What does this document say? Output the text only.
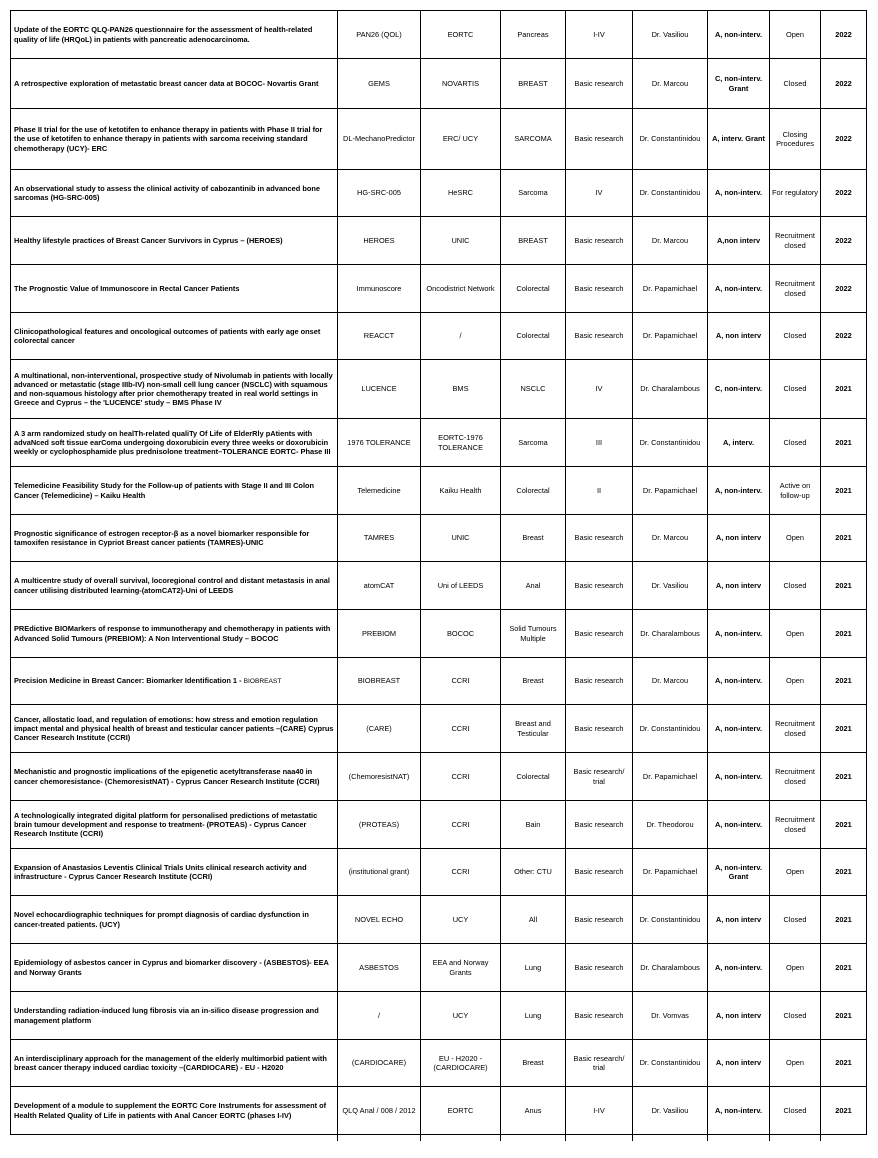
Update of the EORTC QLQ-PAN26 questionnaire for the assessment of health-related quality of life (HRQoL) in patients with pancreatic adenocarcinoma.	PAN26 (QOL)	EORTC	Pancreas	I-IV	Dr. Vasiliou	A, non-interv.	Open	2022
A retrospective exploration of metastatic breast cancer data at BOCOC- Novartis Grant	GEMS	NOVARTIS	BREAST	Basic research	Dr. Marcou	C, non-interv. Grant	Closed	2022
Phase II trial for the use of ketotifen to enhance therapy in patients with Phase II trial for the use of ketotifen to enhance therapy in patients with sarcoma receiving standard chemotherapy (UCY)- ERC	DL-MechanoPredictor	ERC/ UCY	SARCOMA	Basic research	Dr. Constantinidou	A, interv. Grant	Closing Procedures	2022
An observational study to assess the clinical activity of cabozantinib in advanced bone sarcomas (HG-SRC-005)	HG-SRC-005	HeSRC	Sarcoma	IV	Dr. Constantinidou	A, non-interv.	For regulatory	2022
Healthy lifestyle practices of Breast Cancer Survivors in Cyprus – (HEROES)	HEROES	UNIC	BREAST	Basic research	Dr. Marcou	A,non interv	Recruitment closed	2022
The Prognostic Value of Immunoscore in Rectal Cancer Patients	Immunoscore	Oncodistrict Network	Colorectal	Basic research	Dr. Papamichael	A, non-interv.	Recruitment closed	2022
Clinicopathological features and oncological outcomes of patients with early age onset colorectal cancer	REACCT	/	Colorectal	Basic research	Dr. Papamichael	A, non interv	Closed	2022
A multinational, non-interventional, prospective study of Nivolumab in patients with locally advanced or metastatic (stage IIIb-IV) non-small cell lung cancer (NSCLC) with squamous and non-squamous histology after prior chemotherapy treated in real world settings in Greece and Cyprus – the 'LUCENCE' study – BMS Phase IV	LUCENCE	BMS	NSCLC	IV	Dr. Charalambous	C, non-interv.	Closed	2021
A 3 arm randomized study on healTh-related qualiTy Of Life of ElderRly pAtients with advaNced soft tissue earComa undergoing doxorubicin every three weeks or doxorubicin weekly or cyclophosphamide plus prednisolone treatment–TOLERANCE EORTC- Phase III	1976 TOLERANCE	EORTC-1976 TOLERANCE	Sarcoma	III	Dr. Constantinidou	A, interv.	Closed	2021
Telemedicine Feasibility Study for the Follow-up of patients with Stage II and III Colon Cancer (Telemedicine) – Kaiku Health	Telemedicine	Kaiku Health	Colorectal	II	Dr. Papamichael	A, non-interv.	Active on follow-up	2021
Prognostic significance of estrogen receptor-β as a novel biomarker responsible for tamoxifen resistance in Cypriot Breast cancer patients (TAMRES)-UNIC	TAMRES	UNIC	Breast	Basic research	Dr. Marcou	A, non interv	Open	2021
A multicentre study of overall survival, locoregional control and distant metastasis in anal cancer utilising distributed learning-(atomCAT2)-Uni of LEEDS	atomCAT	Uni of LEEDS	Anal	Basic research	Dr. Vasiliou	A, non interv	Closed	2021
PREdictive BIOMarkers of response to immunotherapy and chemotherapy in patients with Advanced Solid Tumours (PREBIOM): A Non Interventional Study – BOCOC	PREBIOM	BOCOC	Solid Tumours Multiple	Basic research	Dr. Charalambous	A, non-interv.	Open	2021
Precision Medicine in Breast Cancer: Biomarker Identification 1 - BIOBREAST	BIOBREAST	CCRI	Breast	Basic research	Dr. Marcou	A, non-interv.	Open	2021
Cancer, allostatic load, and regulation of emotions: how stress and emotion regulation impact mental and physical health of breast and testicular cancer patients –(CARE) Cyprus Cancer Research Institute (CCRI)	(CARE)	CCRI	Breast and Testicular	Basic research	Dr. Constantinidou	A, non-interv.	Recruitment closed	2021
Mechanistic and prognostic implications of the epigenetic acetyltransferase naa40 in cancer chemoresistance- (ChemoresistNAT) - Cyprus Cancer Research Institute (CCRI)	(ChemoresistNAT)	CCRI	Colorectal	Basic research/ trial	Dr. Papamichael	A, non-interv.	Recruitment closed	2021
A technologically integrated digital platform for personalised predictions of metastatic brain tumour development and response to treatment- (PROTEAS) - Cyprus Cancer Research Institute (CCRI)	(PROTEAS)	CCRI	Bain	Basic research	Dr. Theodorou	A, non-interv.	Recruitment closed	2021
Expansion of Anastasios Leventis Clinical Trials Units clinical research activity and infrastructure - Cyprus Cancer Research Institute (CCRI)	(institutional grant)	CCRI	Other: CTU	Basic research	Dr. Papamichael	A, non-interv. Grant	Open	2021
Novel echocardiographic techniques for prompt diagnosis of cardiac dysfunction in cancer-treated patients. (UCY)	NOVEL ECHO	UCY	All	Basic research	Dr. Constantinidou	A, non interv	Closed	2021
Epidemiology of asbestos cancer in Cyprus and biomarker discovery - (ASBESTOS)- EEA and Norway Grants	ASBESTOS	EEA and Norway Grants	Lung	Basic research	Dr. Charalambous	A, non-interv.	Open	2021
Understanding radiation-induced lung fibrosis via an in-silico disease progression and management platform	/	UCY	Lung	Basic research	Dr. Vomvas	A, non interv	Closed	2021
An interdisciplinary approach for the management of the elderly multimorbid patient with breast cancer therapy induced cardiac toxicity –(CARDIOCARE) - EU - H2020	(CARDIOCARE)	EU - H2020 - (CARDIOCARE)	Breast	Basic research/ trial	Dr. Constantinidou	A, non interv	Open	2021
Development of a module to supplement the EORTC Core Instruments for assessment of Health Related Quality of Life in patients with Anal Cancer EORTC (phases I-IV)	QLQ Anal / 008 / 2012	EORTC	Anus	I-IV	Dr. Vasiliou	A, non-interv.	Closed	2021
